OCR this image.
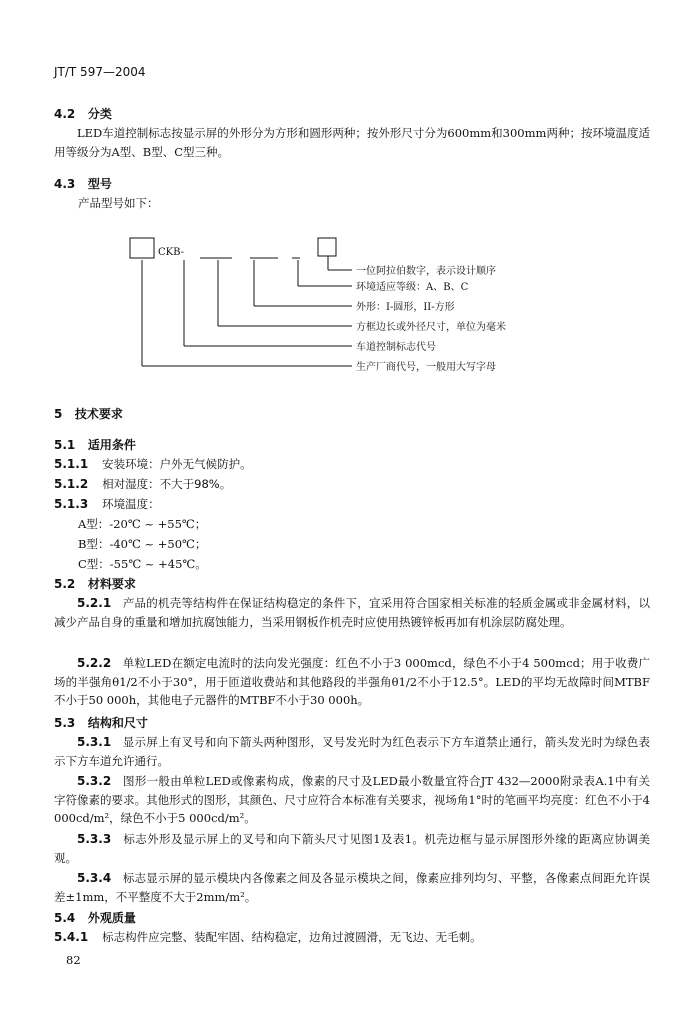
JT/T 597—2004
4.2 分类
LED车道控制标志按显示屏的外形分为方形和圆形两种；按外形尺寸分为600mm和300mm两种；按环境温度适用等级分为A型、B型、C型三种。
4.3 型号
产品型号如下：
CKB-
一位阿拉伯数字，表示设计顺序
环境适应等级：A、B、C
外形：I-圆形，II-方形
方框边长或外径尺寸，单位为毫米
车道控制标志代号
生产厂商代号，一般用大写字母
5 技术要求
5.1 适用条件
5.1.1 安装环境：户外无气候防护。
5.1.2 相对湿度：不大于98%。
5.1.3 环境温度：
A型：-20℃ ~ +55℃；
B型：-40℃ ~ +50℃；
C型：-55℃ ~ +45℃。
5.2 材料要求
5.2.1 产品的机壳等结构件在保证结构稳定的条件下，宜采用符合国家相关标准的轻质金属或非金属材料，以减少产品自身的重量和增加抗腐蚀能力，当采用钢板作机壳时应使用热镀锌板再加有机涂层防腐处理。
5.2.2 单粒LED在额定电流时的法向发光强度：红色不小于3 000mcd，绿色不小于4 500mcd；用于收费广场的半强角θ1/2不小于30°，用于匝道收费站和其他路段的半强角θ1/2不小于12.5°。LED的平均无故障时间MTBF不小于50 000h，其他电子元器件的MTBF不小于30 000h。
5.3 结构和尺寸
5.3.1 显示屏上有叉号和向下箭头两种图形，叉号发光时为红色表示下方车道禁止通行，箭头发光时为绿色表示下方车道允许通行。
5.3.2 图形一般由单粒LED或像素构成，像素的尺寸及LED最小数量宜符合JT 432—2000附录表A.1中有关字符像素的要求。其他形式的图形，其颜色、尺寸应符合本标准有关要求，视场角1°时的笔画平均亮度：红色不小于4 000cd/m²，绿色不小于5 000cd/m²。
5.3.3 标志外形及显示屏上的叉号和向下箭头尺寸见图1及表1。机壳边框与显示屏图形外缘的距离应协调美观。
5.3.4 标志显示屏的显示模块内各像素之间及各显示模块之间，像素应排列均匀、平整，各像素点间距允许误差±1mm，不平整度不大于2mm/m²。
5.4 外观质量
5.4.1 标志构件应完整、装配牢固、结构稳定，边角过渡圆滑，无飞边、无毛刺。
82
